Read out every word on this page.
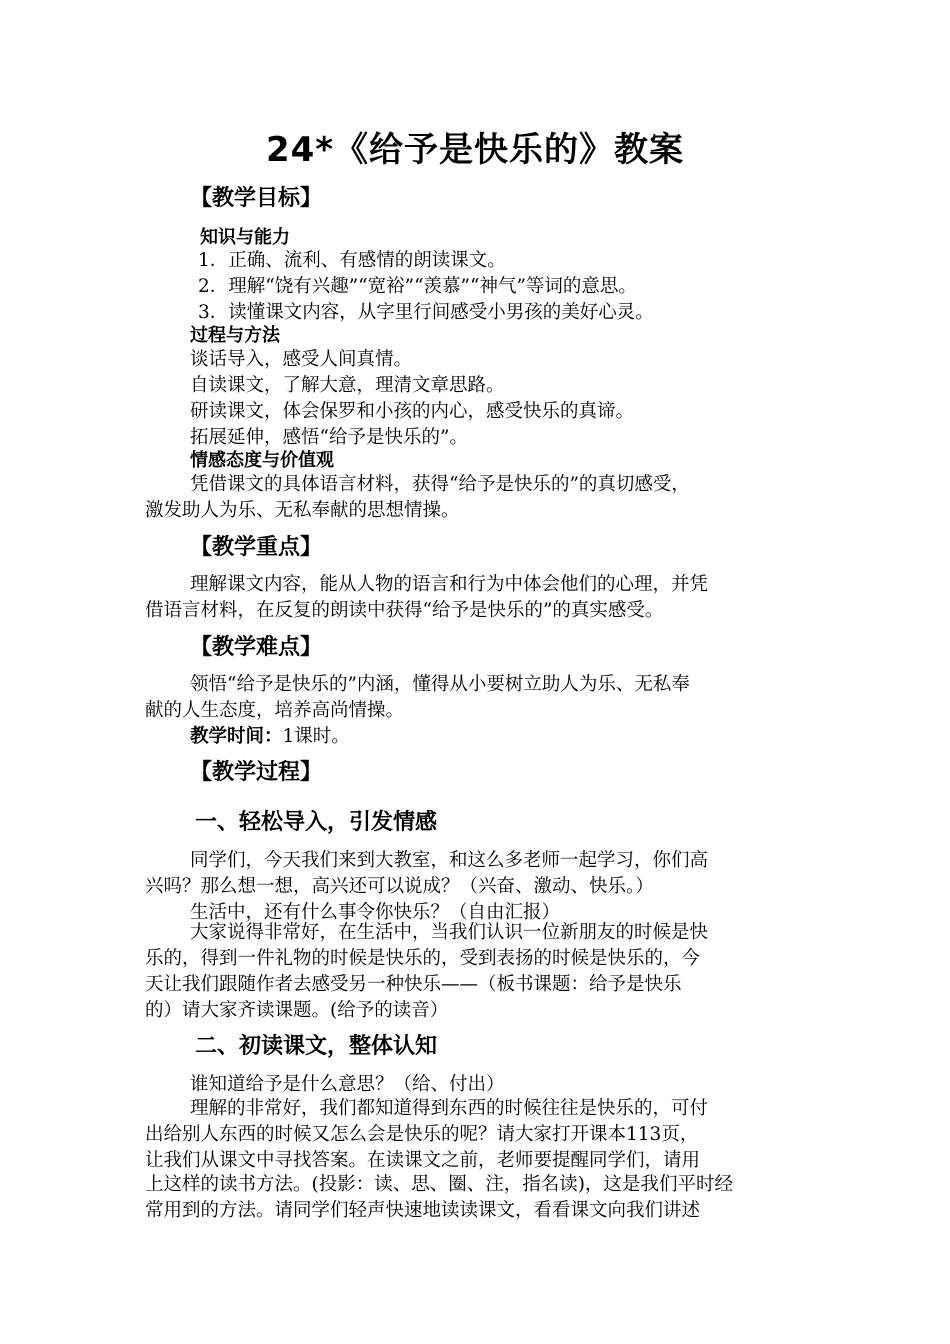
24*《给予是快乐的》教案
【教学目标】
知识与能力
1．正确、流利、有感情的朗读课文。
2．理解“饶有兴趣”“宽裕”“羡慕”“神气”等词的意思。
3．读懂课文内容，从字里行间感受小男孩的美好心灵。
过程与方法
谈话导入，感受人间真情。
自读课文，了解大意，理清文章思路。
研读课文，体会保罗和小孩的内心，感受快乐的真谛。
拓展延伸，感悟“给予是快乐的”。
情感态度与价值观
凭借课文的具体语言材料，获得“给予是快乐的”的真切感受，
激发助人为乐、无私奉献的思想情操。
【教学重点】
理解课文内容，能从人物的语言和行为中体会他们的心理，并凭
借语言材料，在反复的朗读中获得“给予是快乐的”的真实感受。
【教学难点】
领悟“给予是快乐的”内涵，懂得从小要树立助人为乐、无私奉
献的人生态度，培养高尚情操。
教学时间：1课时。
【教学过程】
一、轻松导入，引发情感
同学们，今天我们来到大教室，和这么多老师一起学习，你们高
兴吗？那么想一想，高兴还可以说成？（兴奋、激动、快乐。）
生活中，还有什么事令你快乐？（自由汇报）
大家说得非常好，在生活中，当我们认识一位新朋友的时候是快
乐的，得到一件礼物的时候是快乐的，受到表扬的时候是快乐的，今
天让我们跟随作者去感受另一种快乐——（板书课题：给予是快乐
的）请大家齐读课题。(给予的读音）
二、初读课文，整体认知
谁知道给予是什么意思？（给、付出）
理解的非常好，我们都知道得到东西的时候往往是快乐的，可付
出给别人东西的时候又怎么会是快乐的呢？请大家打开课本113页，
让我们从课文中寻找答案。在读课文之前，老师要提醒同学们，请用
上这样的读书方法。(投影：读、思、圈、注，指名读)，这是我们平时经
常用到的方法。请同学们轻声快速地读读课文，看看课文向我们讲述
